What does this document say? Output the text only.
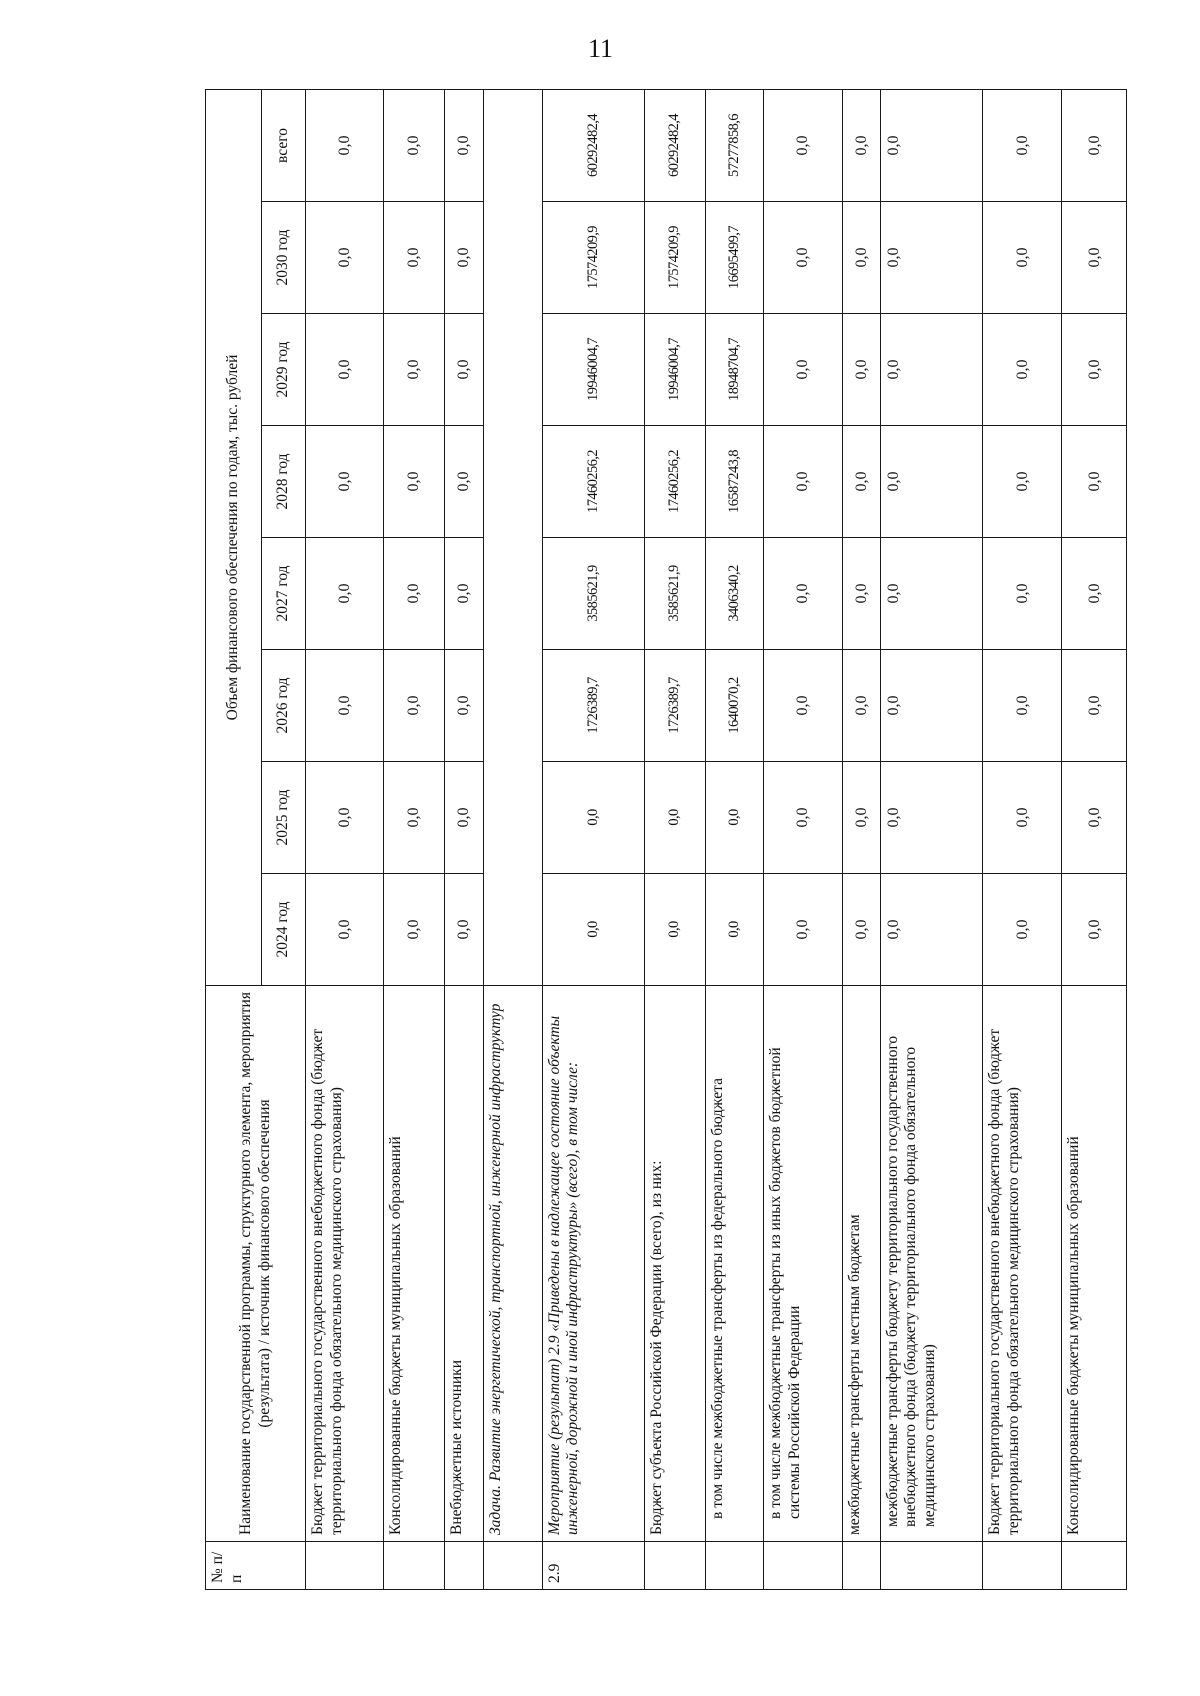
11
№ п/п	Наименование государственной программы, структурного элемента, мероприятия (результата) / источник финансового обеспечения	Объем финансового обеспечения по годам, тыс. рублей							
		2024 год	2025 год	2026 год	2027 год	2028 год	2029 год	2030 год	всего
	Бюджет территориального государственного внебюджетного фонда (бюджет территориального фонда обязательного медицинского страхования)	0,0	0,0	0,0	0,0	0,0	0,0	0,0	0,0
	Консолидированные бюджеты муниципальных образований	0,0	0,0	0,0	0,0	0,0	0,0	0,0	0,0
	Внебюджетные источники	0,0	0,0	0,0	0,0	0,0	0,0	0,0	0,0
	Задача. Развитие энергетической, транспортной, инженерной инфраструктур								
2.9	Мероприятие (результат) 2.9 «Приведены в надлежащее состояние объекты инженерной, дорожной и иной инфраструктуры» (всего), в том числе:	0,0	0,0	1726389,7	3585621,9	17460256,2	19946004,7	17574209,9	60292482,4
	Бюджет субъекта Российской Федерации (всего), из них:	0,0	0,0	1726389,7	3585621,9	17460256,2	19946004,7	17574209,9	60292482,4
	в том числе межбюджетные трансферты из федерального бюджета	0,0	0,0	1640070,2	3406340,2	16587243,8	18948704,7	16695499,7	57277858,6
	в том числе межбюджетные трансферты из иных бюджетов бюджетной системы Российской Федерации	0,0	0,0	0,0	0,0	0,0	0,0	0,0	0,0
	межбюджетные трансферты местным бюджетам	0,0	0,0	0,0	0,0	0,0	0,0	0,0	0,0
	межбюджетные трансферты бюджету территориального государственного внебюджетного фонда (бюджету территориального фонда обязательного медицинского страхования)	0,0	0,0	0,0	0,0	0,0	0,0	0,0	0,0
	Бюджет территориального государственного внебюджетного фонда (бюджет территориального фонда обязательного медицинского страхования)	0,0	0,0	0,0	0,0	0,0	0,0	0,0	0,0
	Консолидированные бюджеты муниципальных образований	0,0	0,0	0,0	0,0	0,0	0,0	0,0	0,0
